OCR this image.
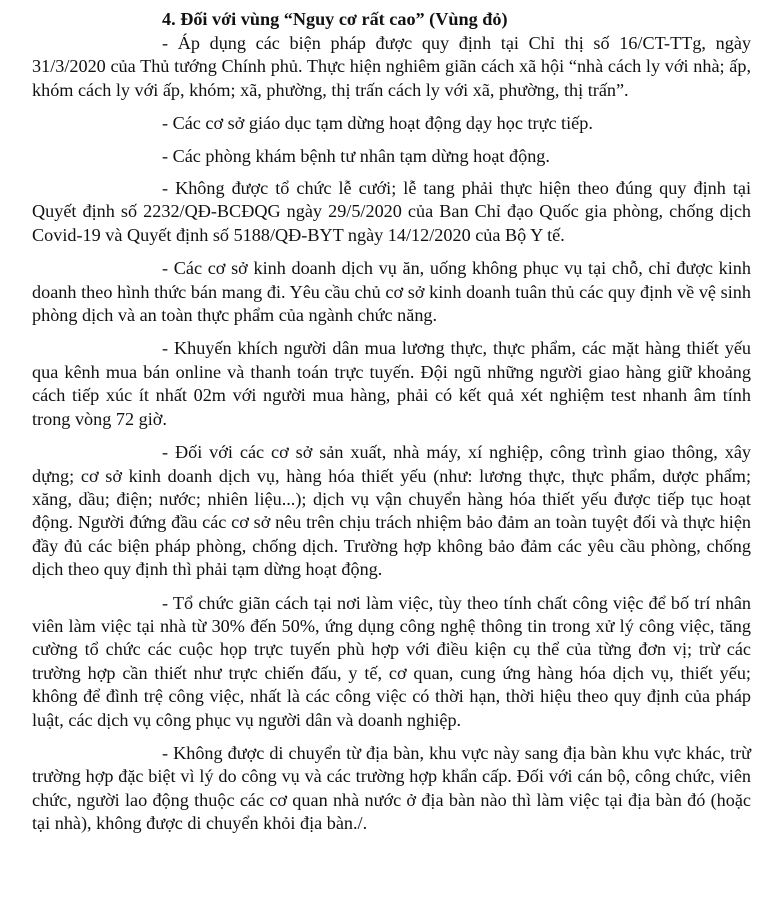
4. Đối với vùng “Nguy cơ rất cao” (Vùng đỏ)

- Áp dụng các biện pháp được quy định tại Chỉ thị số 16/CT-TTg, ngày 31/3/2020 của Thủ tướng Chính phủ. Thực hiện nghiêm giãn cách xã hội “nhà cách ly với nhà; ấp, khóm cách ly với ấp, khóm; xã, phường, thị trấn cách ly với xã, phường, thị trấn”.

- Các cơ sở giáo dục tạm dừng hoạt động dạy học trực tiếp.

- Các phòng khám bệnh tư nhân tạm dừng hoạt động.

- Không được tổ chức lễ cưới; lễ tang phải thực hiện theo đúng quy định tại Quyết định số 2232/QĐ-BCĐQG ngày 29/5/2020 của Ban Chỉ đạo Quốc gia phòng, chống dịch Covid-19 và Quyết định số 5188/QĐ-BYT ngày 14/12/2020 của Bộ Y tế.

- Các cơ sở kinh doanh dịch vụ ăn, uống không phục vụ tại chỗ, chỉ được kinh doanh theo hình thức bán mang đi. Yêu cầu chủ cơ sở kinh doanh tuân thủ các quy định về vệ sinh phòng dịch và an toàn thực phẩm của ngành chức năng.

- Khuyến khích người dân mua lương thực, thực phẩm, các mặt hàng thiết yếu qua kênh mua bán online và thanh toán trực tuyến. Đội ngũ những người giao hàng giữ khoảng cách tiếp xúc ít nhất 02m với người mua hàng, phải có kết quả xét nghiệm test nhanh âm tính trong vòng 72 giờ.

- Đối với các cơ sở sản xuất, nhà máy, xí nghiệp, công trình giao thông, xây dựng; cơ sở kinh doanh dịch vụ, hàng hóa thiết yếu (như: lương thực, thực phẩm, dược phẩm; xăng, dầu; điện; nước; nhiên liệu...); dịch vụ vận chuyển hàng hóa thiết yếu được tiếp tục hoạt động. Người đứng đầu các cơ sở nêu trên chịu trách nhiệm bảo đảm an toàn tuyệt đối và thực hiện đầy đủ các biện pháp phòng, chống dịch. Trường hợp không bảo đảm các yêu cầu phòng, chống dịch theo quy định thì phải tạm dừng hoạt động.

- Tổ chức giãn cách tại nơi làm việc, tùy theo tính chất công việc để bố trí nhân viên làm việc tại nhà từ 30% đến 50%, ứng dụng công nghệ thông tin trong xử lý công việc, tăng cường tổ chức các cuộc họp trực tuyến phù hợp với điều kiện cụ thể của từng đơn vị; trừ các trường hợp cần thiết như trực chiến đấu, y tế, cơ quan, cung ứng hàng hóa dịch vụ, thiết yếu; không để đình trệ công việc, nhất là các công việc có thời hạn, thời hiệu theo quy định của pháp luật, các dịch vụ công phục vụ người dân và doanh nghiệp.

- Không được di chuyển từ địa bàn, khu vực này sang địa bàn khu vực khác, trừ trường hợp đặc biệt vì lý do công vụ và các trường hợp khẩn cấp. Đối với cán bộ, công chức, viên chức, người lao động thuộc các cơ quan nhà nước ở địa bàn nào thì làm việc tại địa bàn đó (hoặc tại nhà), không được di chuyển khỏi địa bàn./.
